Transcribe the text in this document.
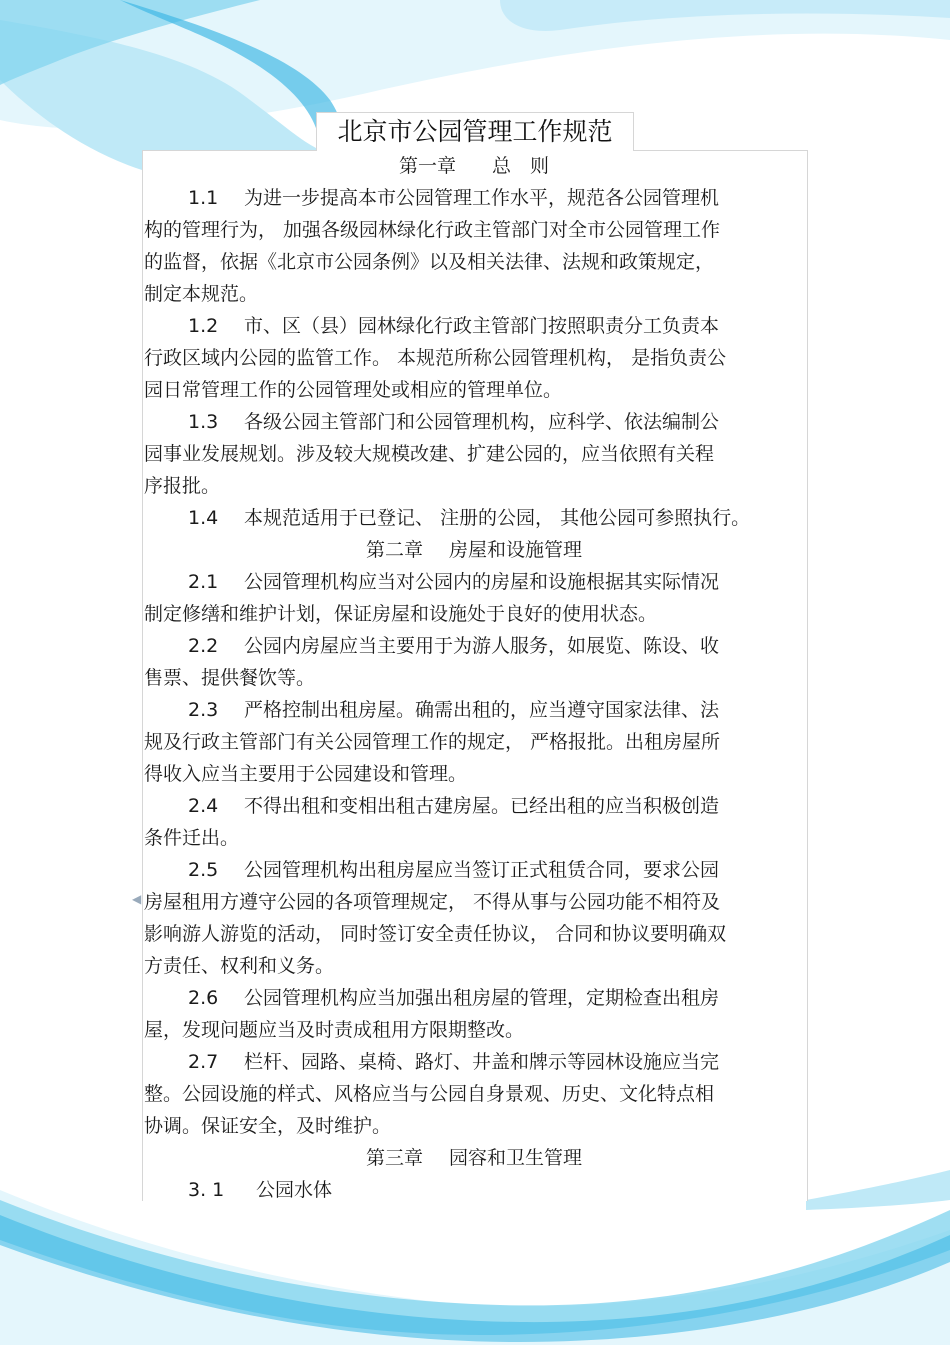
北京市公园管理工作规范
◀
第一章 总　则
1.1 为进一步提高本市公园管理工作水平，规范各公园管理机
构的管理行为， 加强各级园林绿化行政主管部门对全市公园管理工作
的监督，依据《北京市公园条例》以及相关法律、法规和政策规定，
制定本规范。
1.2 市、区（县）园林绿化行政主管部门按照职责分工负责本
行政区域内公园的监管工作。 本规范所称公园管理机构， 是指负责公
园日常管理工作的公园管理处或相应的管理单位。
1.3 各级公园主管部门和公园管理机构，应科学、依法编制公
园事业发展规划。涉及较大规模改建、扩建公园的，应当依照有关程
序报批。
1.4 本规范适用于已登记、 注册的公园， 其他公园可参照执行。
第二章 房屋和设施管理
2.1 公园管理机构应当对公园内的房屋和设施根据其实际情况
制定修缮和维护计划，保证房屋和设施处于良好的使用状态。
2.2 公园内房屋应当主要用于为游人服务，如展览、陈设、收
售票、提供餐饮等。
2.3 严格控制出租房屋。确需出租的，应当遵守国家法律、法
规及行政主管部门有关公园管理工作的规定， 严格报批。出租房屋所
得收入应当主要用于公园建设和管理。
2.4 不得出租和变相出租古建房屋。已经出租的应当积极创造
条件迁出。
2.5 公园管理机构出租房屋应当签订正式租赁合同，要求公园
房屋租用方遵守公园的各项管理规定， 不得从事与公园功能不相符及
影响游人游览的活动， 同时签订安全责任协议， 合同和协议要明确双
方责任、权利和义务。
2.6 公园管理机构应当加强出租房屋的管理，定期检查出租房
屋，发现问题应当及时责成租用方限期整改。
2.7 栏杆、园路、桌椅、路灯、井盖和牌示等园林设施应当完
整。公园设施的样式、风格应当与公园自身景观、历史、文化特点相
协调。保证安全，及时维护。
第三章 园容和卫生管理
3. 1 公园水体
